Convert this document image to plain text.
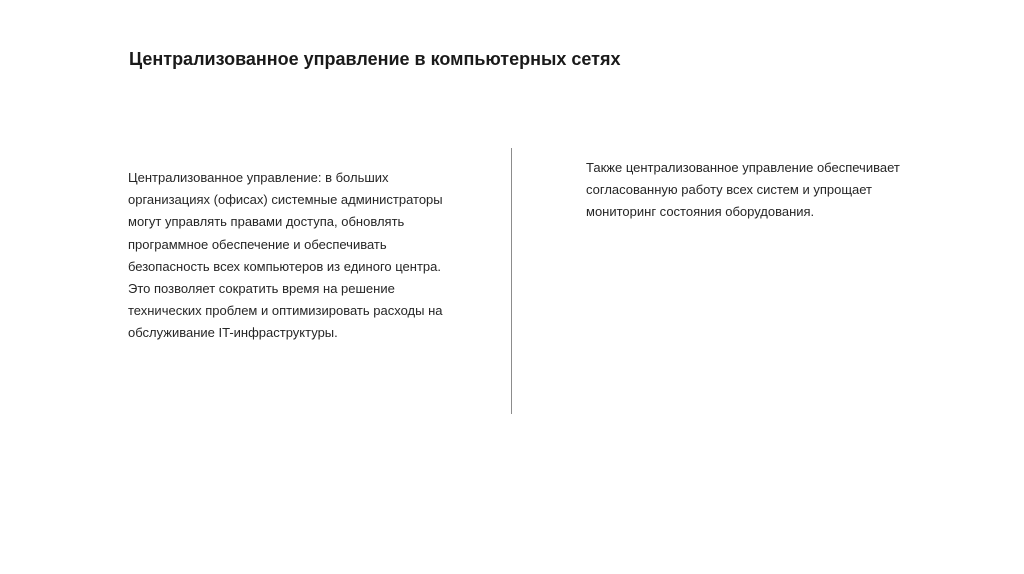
Централизованное управление в компьютерных сетях
Централизованное управление: в больших
организациях (офисах) системные администраторы
могут управлять правами доступа, обновлять
программное обеспечение и обеспечивать
безопасность всех компьютеров из единого центра.
Это позволяет сократить время на решение
технических проблем и оптимизировать расходы на
обслуживание IT-инфраструктуры.
Также централизованное управление обеспечивает
согласованную работу всех систем и упрощает
мониторинг состояния оборудования.
